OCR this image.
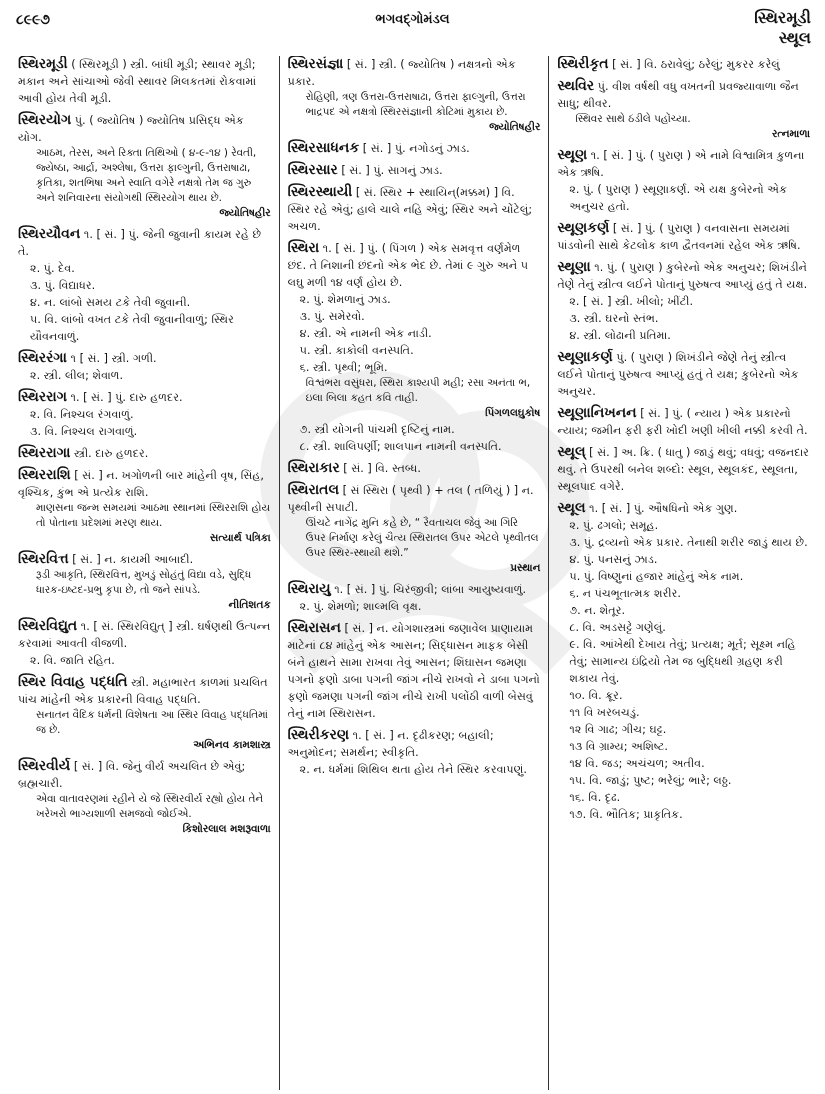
૮૯૯૭	ભગવદ્ગોમંડલ	સ્થિરમૂડી
સ્થૂલ
સ્થિરમૂડી ( સ્થિરમૂડી ) સ્ત્રી. બાંધી મૂડી; સ્થાવર મૂડી; મકાન અને સાંચાઓ જેવી સ્થાવર મિલકતમાં રોકવામાં આવી હોય તેવી મૂડી.
સ્થિરયોગ પું. ( જ્યોતિષ ) જ્યોતિષ પ્રસિદ્ધ એક યોગ.
આઠમ, તેરસ, અને રિક્તા તિથિઓ ( ૪-૯-૧૪ ) રેવતી, જ્યેષ્ઠા, આર્દ્રા, અશ્લેષા, ઉત્તરા ફાલ્ગુની, ઉત્તરાષાઢા, કૃતિકા, શતભિષા અને સ્વાતિ વગેરે નક્ષત્રો તેમ જ ગુરુ અને શનિવારના સંયોગથી સ્થિરયોગ થાય છે.
જ્યોતિષહીર
સ્થિરયૌવન ૧. [ સં. ] પું. જેની જુવાની કાયમ રહે છે તે.
૨. પું. દેવ.
૩. પું. વિદ્યાધર.
૪. ન. લાંબો સમય ટકે તેવી જુવાની.
૫. વિ. લાંબો વખત ટકે તેવી જુવાનીવાળું; સ્થિર યૌવનવાળું.
સ્થિરરંગા ૧ [ સં. ] સ્ત્રી. ગળી.
૨. સ્ત્રી. લીલ; શેવાળ.
સ્થિરરાગ ૧. [ સં. ] પું. દારુ હળદર.
૨. વિ. નિશ્ચલ રંગવાળું.
૩. વિ. નિશ્ચલ રાગવાળું.
સ્થિરરાગા સ્ત્રી. દારુ હળદર.
સ્થિરરાશિ [ સં. ] ન. ખગોળની બાર માંહેની વૃષ, સિંહ, વૃશ્ચિક, કુંભ એ પ્રત્યેક રાશિ.
માણસના જન્મ સમયમાં આઠમા સ્થાનમાં સ્થિરરાશિ હોય તો પોતાના પ્રદેશમાં મરણ થાય.
સત્યાર્થ પત્રિકા
સ્થિરવિત્ત [ સં. ] ન. કાયમી આબાદી.
રૂડી આકૃતિ, સ્થિરવિત્ત, મુખડું સોહંતું વિદ્યા વડે, સુદ્ધિ ધારક-ઇષ્ટદ-પ્રભુ કૃપા છે, તો જને સાંપડે.
નીતિશતક
સ્થિરવિદ્યુત ૧. [ સં. સ્થિરવિદ્યુત્ ] સ્ત્રી. ઘર્ષણથી ઉત્પન્ન કરવામાં આવતી વીજળી.
૨. વિ. જાતિ રહિત.
સ્થિર વિવાહ પદ્ધતિ સ્ત્રી. મહાભારત કાળમાં પ્રચલિત પાંચ માંહેની એક પ્રકારની વિવાહ પદ્ધતિ.
સનાતન વૈદિક ધર્મની વિશેષતા આ સ્થિર વિવાહ પદ્ધતિમાં જ છે.
અભિનવ કામશાસ્ત્ર
સ્થિરવીર્ય [ સં. ] વિ. જેનું વીર્ય અચલિત છે એવું; બ્રહ્મચારી.
એવા વાતાવરણમાં રહીને યે જે સ્થિરવીર્ય રહ્યો હોય તેને ખરેખરો ભાગ્યશાળી સમજવો જોઈએ.
કિશોરલાલ મશરૂવાળા
સ્થિરસંજ્ઞા [ સં. ] સ્ત્રી. ( જ્યોતિષ ) નક્ષત્રનો એક પ્રકાર.
રોહિણી, ત્રણ ઉત્તરા-ઉત્તરાષાઢા, ઉત્તરા ફાલ્ગુની, ઉત્તરા ભાદ્રપદ એ નક્ષત્રો સ્થિરસંજ્ઞાની કોટિમાં મુકાય છે.
જ્યોતિષહીર
સ્થિરસાધનક [ સં. ] પું. નગોડનું ઝાડ.
સ્થિરસાર [ સં. ] પું. સાગનું ઝાડ.
સ્થિરસ્થાયી [ સં. સ્થિર + સ્થાયિન્(મક્કમ) ] વિ. સ્થિર રહે એવું; હાલે ચાલે નહિ એવું; સ્થિર અને ચોંટેલું; અચળ.
સ્થિરા ૧. [ સં. ] પું. ( પિંગળ ) એક સમવૃત્ત વર્ણમેળ છંદ. તે નિશાની છંદનો એક ભેદ છે. તેમાં ૯ ગુરુ અને ૫ લઘુ મળી ૧૪ વર્ણ હોય છે.
૨. પું. શેમળાનું ઝાડ.
૩. પું. સમેરવો.
૪. સ્ત્રી. એ નામની એક નાડી.
૫. સ્ત્રી. કાકોલી વનસ્પતિ.
૬. સ્ત્રી. પૃથ્વી; ભૂમિ.
વિશ્વંભરા વસુંધરા, સ્થિરા કાશ્યપી મહી; રસા અનંતા ભ, ઇલા બિલા કહત કવિ તાહી.
પિંગળલઘુકોષ
૭. સ્ત્રી યોગની પાંચમી દૃષ્ટિનું નામ.
૮. સ્ત્રી. શાલિપર્ણી; શાલપાન નામની વનસ્પતિ.
સ્થિરાકાર [ સં. ] વિ. સ્તબ્ધ.
સ્થિરાતલ [ સં સ્થિરા ( પૃથ્વી ) + તલ ( તળિયું ) ] ન. પૃથ્વીની સપાટી.
ઊંચટે નાગેંદ્ર મુનિ કહે છે, “ રૈવતાચલ જેવું આ ગિરિ ઉપર નિર્માણ કરેલું ચૈત્ય સ્થિરાતલ ઉપર એટલે પૃથ્વીતલ ઉપર સ્થિર-સ્થાયી થશે.”
પ્રસ્થાન
સ્થિરાયુ ૧. [ સં. ] પું. ચિરંજીવી; લાંબા આયુષ્યવાળું.
૨. પું. શેમળો; શાલ્મલિ વૃક્ષ.
સ્થિરાસન [ સં. ] ન. યોગશાસ્ત્રમાં જણાવેલ પ્રાણાયામ માટેનાં ૮૪ માંહેનું એક આસન; સિદ્ધાસન માફક બેસી બંને હાથને સામા રાખવા તેવું આસન; શિંઘાસન જમણા પગનો ફણો ડાબા પગની જાંગ નીચે રાખવો ને ડાબા પગનો ફણો જમણા પગની જાંગ નીચે રાખી પલોંઠી વાળી બેસવું તેનું નામ સ્થિરાસન.
સ્થિરીકરણ ૧. [ સં. ] ન. દૃઢીકરણ; બહાલી; અનુમોદન; સમર્થન; સ્વીકૃતિ.
૨. ન. ધર્મમાં શિથિલ થતા હોય તેને સ્થિર કરવાપણું.
સ્થિરીકૃત [ સં. ] વિ. ઠરાવેલું; ઠરેલું; મુકરર કરેલું
સ્થવિર પું. વીશ વર્ષથી વધુ વખતની પ્રવજ્યાવાળા જૈન સાધુ; થીવર.
સ્થિવર સાથે ઠંડીલે પહોંચ્યા.
રત્નમાળા
સ્થૂણ ૧. [ સં. ] પું. ( પુરાણ ) એ નામે વિશ્વામિત્ર કુળના એક ઋષિ.
૨. પું. ( પુરાણ ) સ્થૂણાકર્ણ. એ યક્ષ કુબેરનો એક અનુચર હતો.
સ્થૂણકર્ણ [ સં. ] પું. ( પુરાણ ) વનવાસના સમયમાં પાંડવોની સાથે કેટલોક કાળ દ્વૈતવનમાં રહેલ એક ઋષિ.
સ્થૂણા ૧. પું. ( પુરાણ ) કુબેરનો એક અનુચર; શિખંડીને તેણે તેનું સ્ત્રીત્વ લઈને પોતાનું પુરુષત્વ આપ્યું હતું તે યક્ષ.
૨. [ સં. ] સ્ત્રી. ખીલો; ખીંટી.
૩. સ્ત્રી. ઘરનો સ્તંભ.
૪. સ્ત્રી. લોઢાની પ્રતિમા.
સ્થૂણાકર્ણ પું. ( પુરાણ ) શિખંડીને જેણે તેનું સ્ત્રીત્વ લઈને પોતાનું પુરુષત્વ આપ્યું હતું તે યક્ષ; કુબેરનો એક અનુચર.
સ્થૂણાનિખનન [ સં. ] પું. ( ન્યાય ) એક પ્રકારનો ન્યાય; જમીન ફરી ફરી ખોદી ખણી ખીલી નક્કી કરવી તે.
સ્થૂલ્ [ સં. ] અ. ક્રિ. ( ધાતુ ) જાડું થવું; વધવું; વજનદાર થવું. તે ઉપરથી બનેલ શબ્દો: સ્થૂલ, સ્થૂલકંદ, સ્થૂલતા, સ્થૂલપાદ વગેરે.
સ્થૂલ ૧. [ સં. ] પું. ઔષધિનો એક ગુણ.
૨. પું. ઢગલો; સમૂહ.
૩. પું. દ્રવ્યનો એક પ્રકાર. તેનાથી શરીર જાડું થાય છે.
૪. પું. પનસનું ઝાડ.
૫. પું. વિષ્ણુનાં હજાર માંહેનું એક નામ.
૬. ન પંચભૂતાત્મક શરીર.
૭. ન. શેતૂર.
૮. વિ. અડસટ્ટે ગણેલું.
૯. વિ. આંખેથી દેખાય તેવું; પ્રત્યક્ષ; મૂર્ત; સૂક્ષ્મ નહિ તેવું; સામાન્ય ઇંદ્રિયો તેમ જ બુદ્ધિથી ગ્રહણ કરી શકાય તેવું.
૧૦. વિ. ક્રૂર.
૧૧ વિ ખરબચડું.
૧૨ વિ ગાઢ; ગીચ; ઘટ્ટ.
૧૩ વિ ગ્રામ્ય; અશિષ્ટ.
૧૪ વિ. જડ; અચંચળ; અતીવ.
૧૫. વિ. જાડું; પુષ્ટ; ભરેલું; ભારે; લઠ્ઠ.
૧૬. વિ. દૃઢ.
૧૭. વિ. ભૌતિક; પ્રાકૃતિક.
